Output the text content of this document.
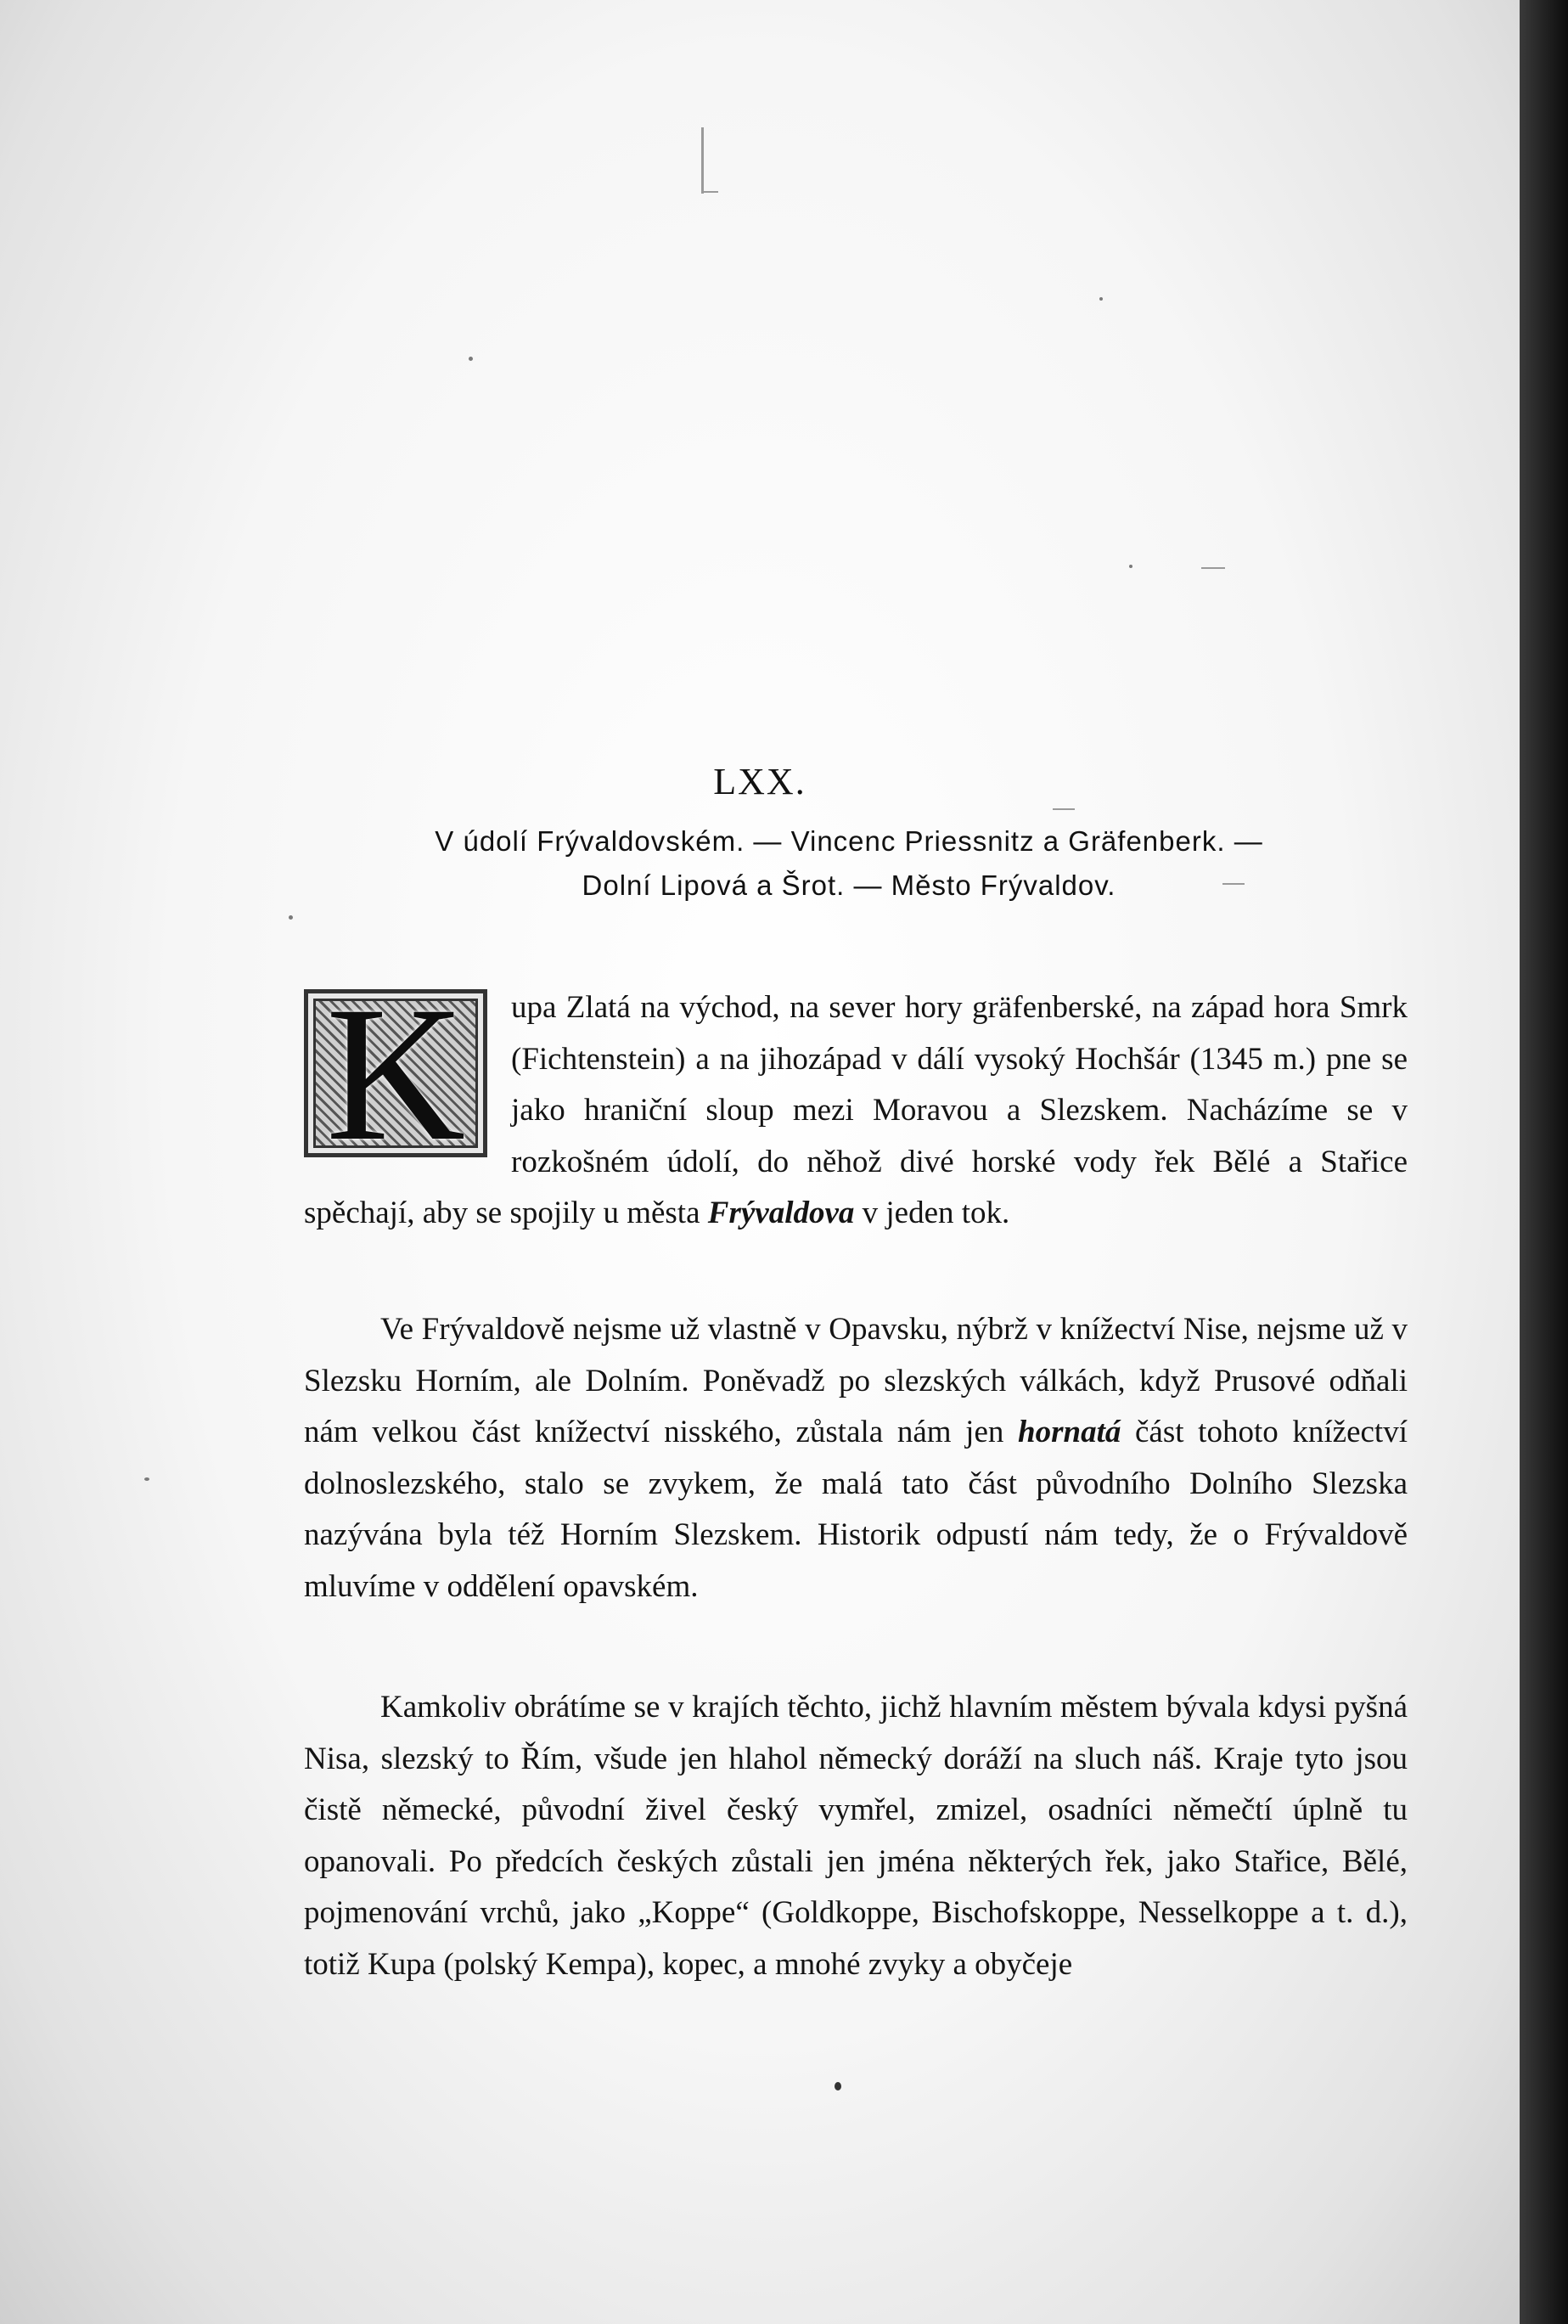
LXX.
V údolí Frývaldovském. — Vincenc Priessnitz a Gräfenberk. —
Dolní Lipová a Šrot. — Město Frývaldov.

K	upa Zlatá na východ, na sever hory gräfenberské, na západ hora Smrk (Fichtenstein) a na jihozápad v dálí vysoký Hochšár (1345 m.) pne se jako hraniční sloup mezi Moravou a Slezskem. Nacházíme se v rozkošném údolí, do něhož divé horské vody řek Bělé a Stařice spěchají, aby se spojily u města Frývaldova v jeden tok.

Ve Frývaldově nejsme už vlastně v Opavsku, nýbrž v knížectví Nise, nejsme už v Slezsku Horním, ale Dolním. Poněvadž po slezských válkách, když Prusové odňali nám velkou část knížectví nisského, zůstala nám jen hornatá část tohoto knížectví dolnoslezského, stalo se zvykem, že malá tato část původního Dolního Slezska nazývána byla též Horním Slezskem. Historik odpustí nám tedy, že o Frývaldově mluvíme v oddělení opavském.

Kamkoliv obrátíme se v krajích těchto, jichž hlavním městem bývala kdysi pyšná Nisa, slezský to Řím, všude jen hlahol německý doráží na sluch náš. Kraje tyto jsou čistě německé, původní živel český vymřel, zmizel, osadníci němečtí úplně tu opanovali. Po předcích českých zůstali jen jména některých řek, jako Stařice, Bělé, pojmenování vrchů, jako „Koppe“ (Goldkoppe, Bischofskoppe, Nesselkoppe a t. d.), totiž Kupa (polský Kempa), kopec, a mnohé zvyky a obyčeje
